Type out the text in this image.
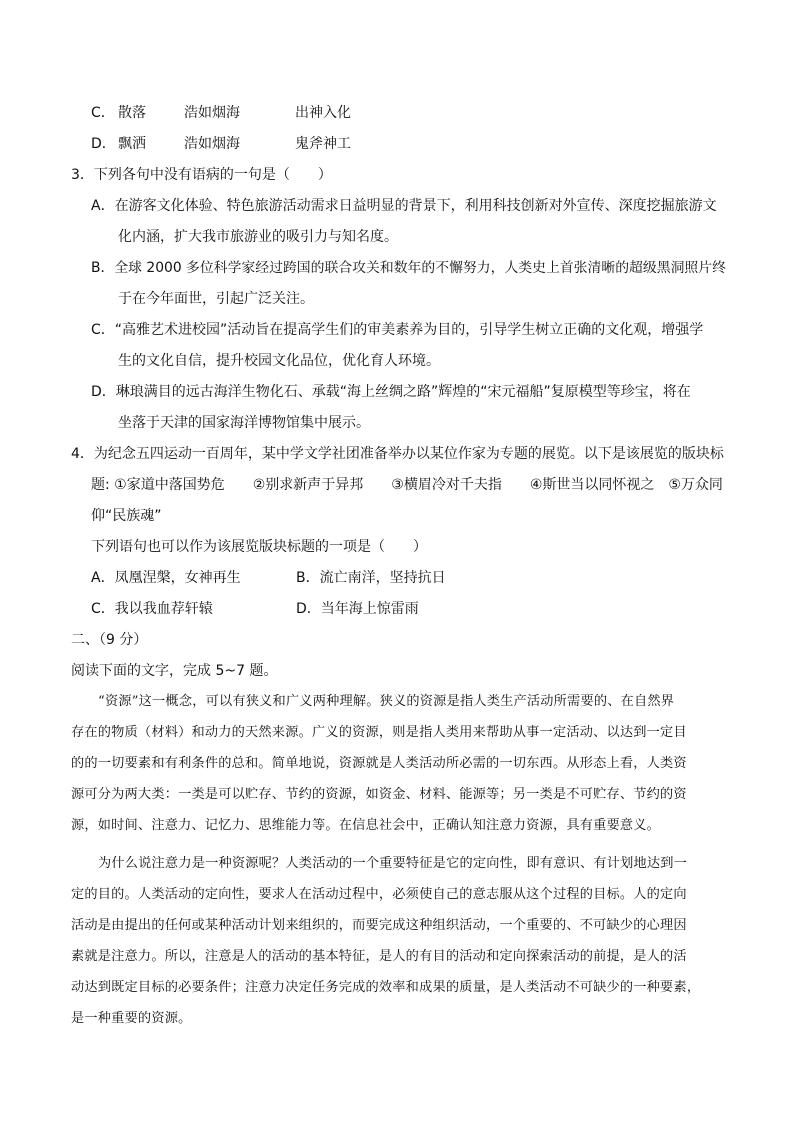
C． 散落	浩如烟海	出神入化
D． 飘洒	浩如烟海	鬼斧神工
3．下列各句中没有语病的一句是（　　）
A．在游客文化体验、特色旅游活动需求日益明显的背景下，利用科技创新对外宣传、深度挖掘旅游文
化内涵，扩大我市旅游业的吸引力与知名度。
B．全球 2000 多位科学家经过跨国的联合攻关和数年的不懈努力，人类史上首张清晰的超级黑洞照片终
于在今年面世，引起广泛关注。
C．“高雅艺术进校园”活动旨在提高学生们的审美素养为目的，引导学生树立正确的文化观，增强学
生的文化自信，提升校园文化品位，优化育人环境。
D．琳琅满目的远古海洋生物化石、承载“海上丝绸之路”辉煌的“宋元福船”复原模型等珍宝，将在
坐落于天津的国家海洋博物馆集中展示。
4．为纪念五四运动一百周年，某中学文学社团准备举办以某位作家为专题的展览。以下是该展览的版块标
题: ①家道中落国势危　　②别求新声于异邦　　③横眉冷对千夫指　　④斯世当以同怀视之　⑤万众同
仰“民族魂”
下列语句也可以作为该展览版块标题的一项是（　　）
A．凤凰涅槃，女神再生	B．流亡南洋，坚持抗日
C．我以我血荐轩辕	D．当年海上惊雷雨
二、（9 分）
阅读下面的文字，完成 5~7 题。
“资源”这一概念，可以有狭义和广义两种理解。狭义的资源是指人类生产活动所需要的、在自然界
存在的物质（材料）和动力的天然来源。广义的资源，则是指人类用来帮助从事一定活动、以达到一定目
的的一切要素和有利条件的总和。简单地说，资源就是人类活动所必需的一切东西。从形态上看，人类资
源可分为两大类：一类是可以贮存、节约的资源，如资金、材料、能源等；另一类是不可贮存、节约的资
源，如时间、注意力、记忆力、思维能力等。在信息社会中，正确认知注意力资源，具有重要意义。
为什么说注意力是一种资源呢？人类活动的一个重要特征是它的定向性，即有意识、有计划地达到一
定的目的。人类活动的定向性，要求人在活动过程中，必须使自己的意志服从这个过程的目标。人的定向
活动是由提出的任何或某种活动计划来组织的，而要完成这种组织活动，一个重要的、不可缺少的心理因
素就是注意力。所以，注意是人的活动的基本特征，是人的有目的活动和定向探索活动的前提，是人的活
动达到既定目标的必要条件；注意力决定任务完成的效率和成果的质量，是人类活动不可缺少的一种要素，
是一种重要的资源。
